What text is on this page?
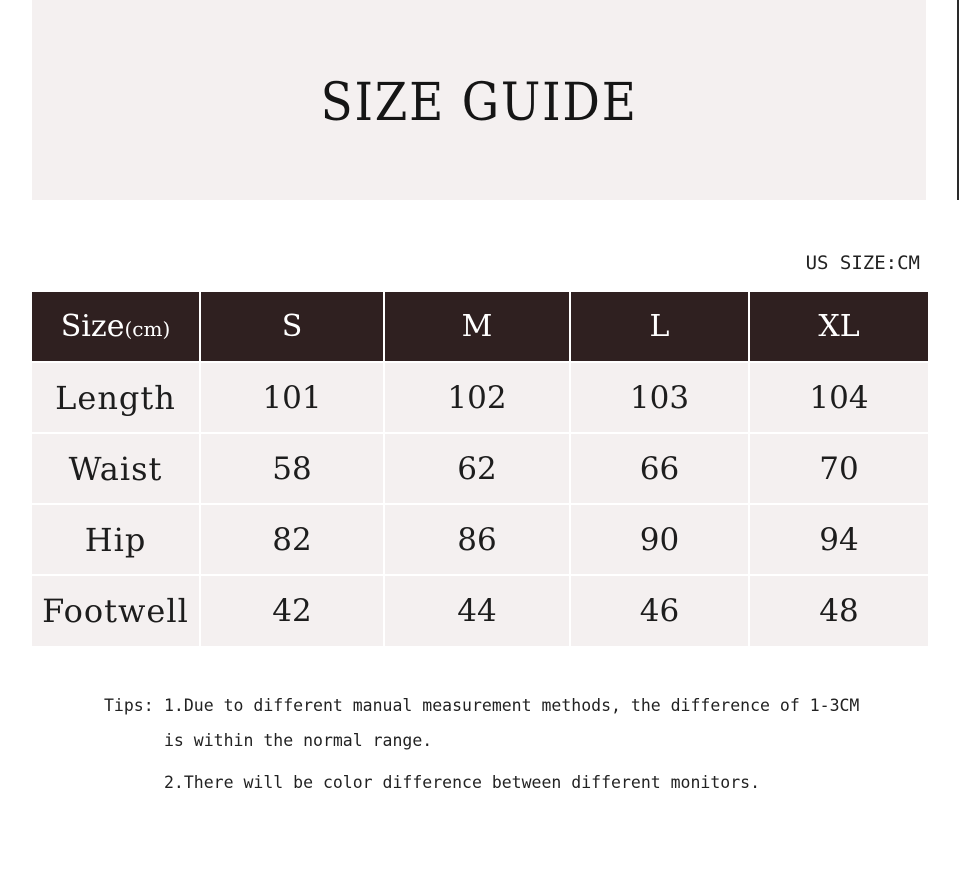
SIZE GUIDE
US SIZE:CM
Size(cm)	S	M	L	XL
Length	101	102	103	104
Waist	58	62	66	70
Hip	82	86	90	94
Footwell	42	44	46	48
Tips: 1.Due to different manual measurement methods, the difference of 1-3CM
is within the normal range.
2.There will be color difference between different monitors.
